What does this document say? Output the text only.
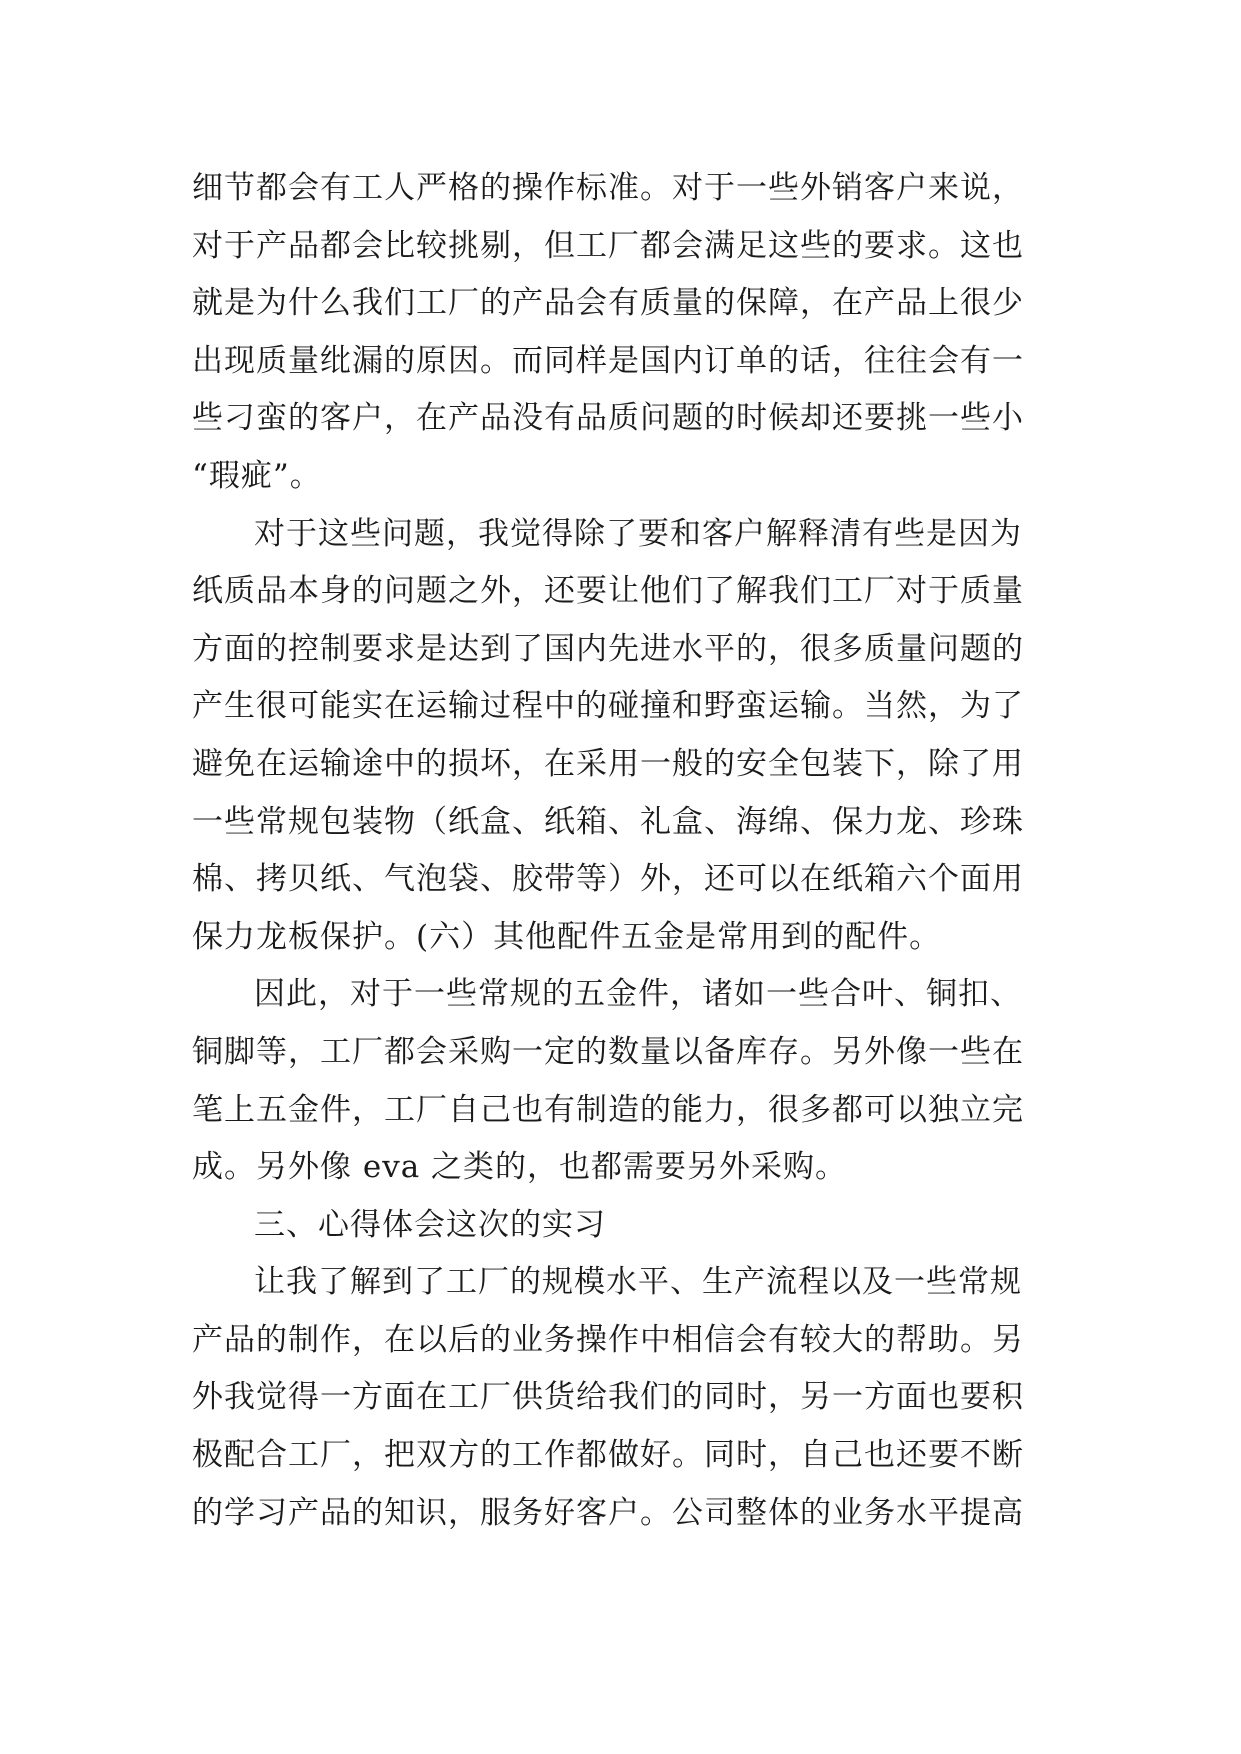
细节都会有工人严格的操作标准。对于一些外销客户来说，
对于产品都会比较挑剔，但工厂都会满足这些的要求。这也
就是为什么我们工厂的产品会有质量的保障，在产品上很少
出现质量纰漏的原因。而同样是国内订单的话，往往会有一
些刁蛮的客户，在产品没有品质问题的时候却还要挑一些小
“瑕疵”。
对于这些问题，我觉得除了要和客户解释清有些是因为
纸质品本身的问题之外，还要让他们了解我们工厂对于质量
方面的控制要求是达到了国内先进水平的，很多质量问题的
产生很可能实在运输过程中的碰撞和野蛮运输。当然，为了
避免在运输途中的损坏，在采用一般的安全包装下，除了用
一些常规包装物（纸盒、纸箱、礼盒、海绵、保力龙、珍珠
棉、拷贝纸、气泡袋、胶带等）外，还可以在纸箱六个面用
保力龙板保护。(六）其他配件五金是常用到的配件。
因此，对于一些常规的五金件，诸如一些合叶、铜扣、
铜脚等，工厂都会采购一定的数量以备库存。另外像一些在
笔上五金件，工厂自己也有制造的能力，很多都可以独立完
成。另外像 eva 之类的，也都需要另外采购。
三、心得体会这次的实习
让我了解到了工厂的规模水平、生产流程以及一些常规
产品的制作，在以后的业务操作中相信会有较大的帮助。另
外我觉得一方面在工厂供货给我们的同时，另一方面也要积
极配合工厂，把双方的工作都做好。同时，自己也还要不断
的学习产品的知识，服务好客户。公司整体的业务水平提高
